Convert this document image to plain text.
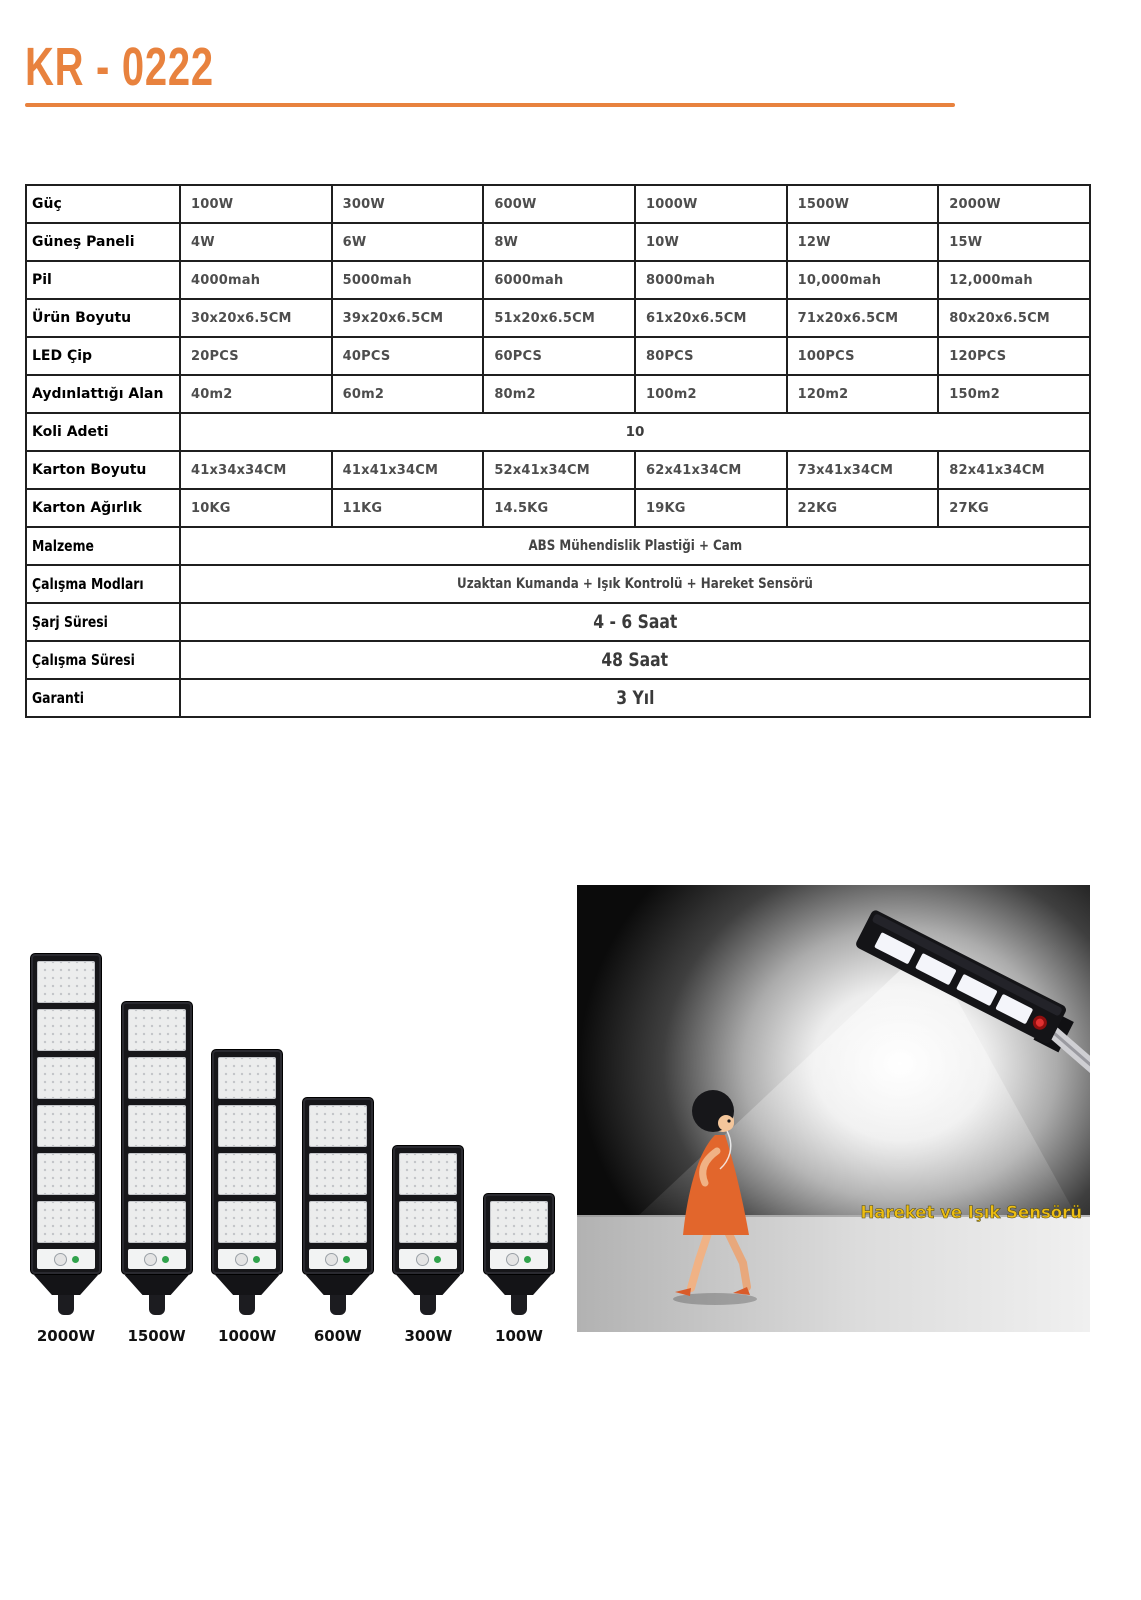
KR - 0222
Güç	100W	300W	600W	1000W	1500W	2000W
Güneş Paneli	4W	6W	8W	10W	12W	15W
Pil	4000mah	5000mah	6000mah	8000mah	10,000mah	12,000mah
Ürün Boyutu	30x20x6.5CM	39x20x6.5CM	51x20x6.5CM	61x20x6.5CM	71x20x6.5CM	80x20x6.5CM
LED Çip	20PCS	40PCS	60PCS	80PCS	100PCS	120PCS
Aydınlattığı Alan	40m2	60m2	80m2	100m2	120m2	150m2
Koli Adeti	10					
Karton Boyutu	41x34x34CM	41x41x34CM	52x41x34CM	62x41x34CM	73x41x34CM	82x41x34CM
Karton Ağırlık	10KG	11KG	14.5KG	19KG	22KG	27KG
Malzeme	ABS Mühendislik Plastiği + Cam					
Çalışma Modları	Uzaktan Kumanda + Işık Kontrolü + Hareket Sensörü					
Şarj Süresi	4 - 6 Saat					
Çalışma Süresi	48 Saat					
Garanti	3 Yıl					
2000W 1500W 1000W	600W	300W	100W
Hareket ve Işık Sensörü
